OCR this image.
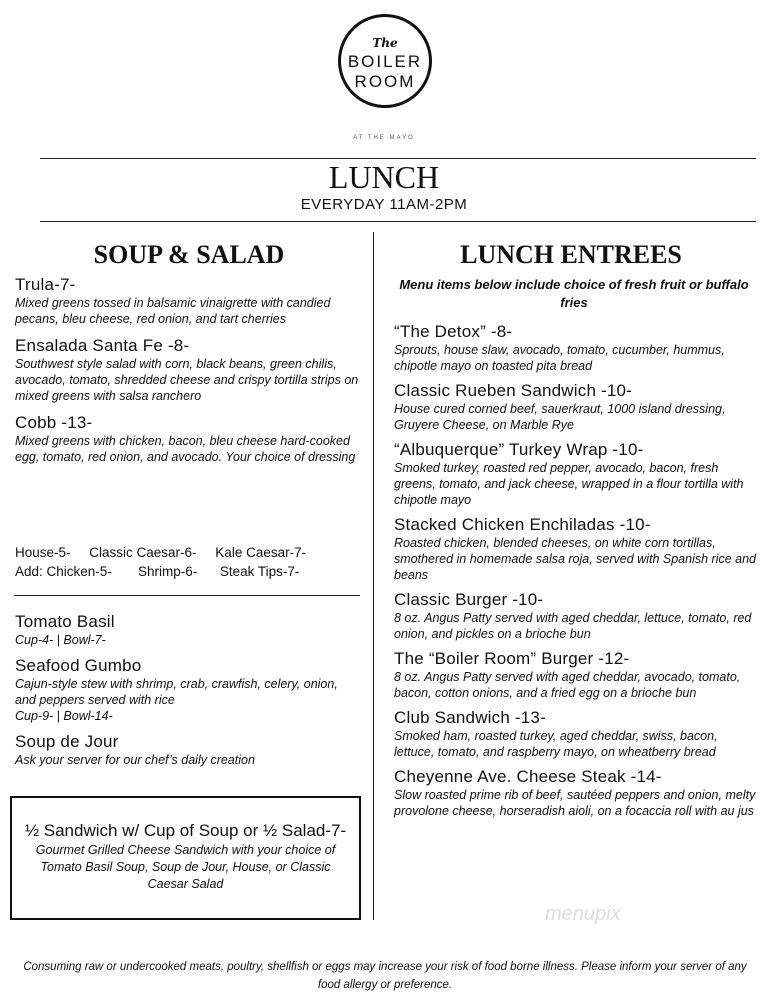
The
BOILER
ROOM
AT THE MAYO
LUNCH
EVERYDAY 11AM-2PM
SOUP & SALAD
Trula-7-
Mixed greens tossed in balsamic vinaigrette with candied pecans, bleu cheese, red onion, and tart cherries
Ensalada Santa Fe -8-
Southwest style salad with corn, black beans, green chilis, avocado, tomato, shredded cheese and crispy tortilla strips on mixed greens with salsa ranchero
Cobb -13-
Mixed greens with chicken, bacon, bleu cheese hard-cooked egg, tomato, red onion, and avocado. Your choice of dressing
House-5-     Classic Caesar-6-     Kale Caesar-7-
Add: Chicken-5-       Shrimp-6-      Steak Tips-7-
Tomato Basil
Cup-4- | Bowl-7-
Seafood Gumbo
Cajun-style stew with shrimp, crab, crawfish, celery, onion, and peppers served with rice
Cup-9- | Bowl-14-
Soup de Jour
Ask your server for our chef’s daily creation
½ Sandwich w/ Cup of Soup or ½ Salad-7-
Gourmet Grilled Cheese Sandwich with your choice of Tomato Basil Soup, Soup de Jour, House, or Classic Caesar Salad
LUNCH ENTREES
Menu items below include choice of fresh fruit or buffalo fries
“The Detox” -8-
Sprouts, house slaw, avocado, tomato, cucumber, hummus, chipotle mayo on toasted pita bread
Classic Rueben Sandwich -10-
House cured corned beef, sauerkraut, 1000 island dressing, Gruyere Cheese, on Marble Rye
“Albuquerque” Turkey Wrap -10-
Smoked turkey, roasted red pepper, avocado, bacon, fresh greens, tomato, and jack cheese, wrapped in a flour tortilla with chipotle mayo
Stacked Chicken Enchiladas -10-
Roasted chicken, blended cheeses, on white corn tortillas, smothered in homemade salsa roja, served with Spanish rice and beans
Classic Burger -10-
8 oz. Angus Patty served with aged cheddar, lettuce, tomato, red onion, and pickles on a brioche bun
The “Boiler Room” Burger -12-
8 oz. Angus Patty served with aged cheddar, avocado, tomato, bacon, cotton onions, and a fried egg on a brioche bun
Club Sandwich -13-
Smoked ham, roasted turkey, aged cheddar, swiss, bacon, lettuce, tomato, and raspberry mayo, on wheatberry bread
Cheyenne Ave. Cheese Steak -14-
Slow roasted prime rib of beef, sautéed peppers and onion, melty provolone cheese, horseradish aioli, on a focaccia roll with au jus
menupix
Consuming raw or undercooked meats, poultry, shellfish or eggs may increase your risk of food borne illness. Please inform your server of any food allergy or preference.
